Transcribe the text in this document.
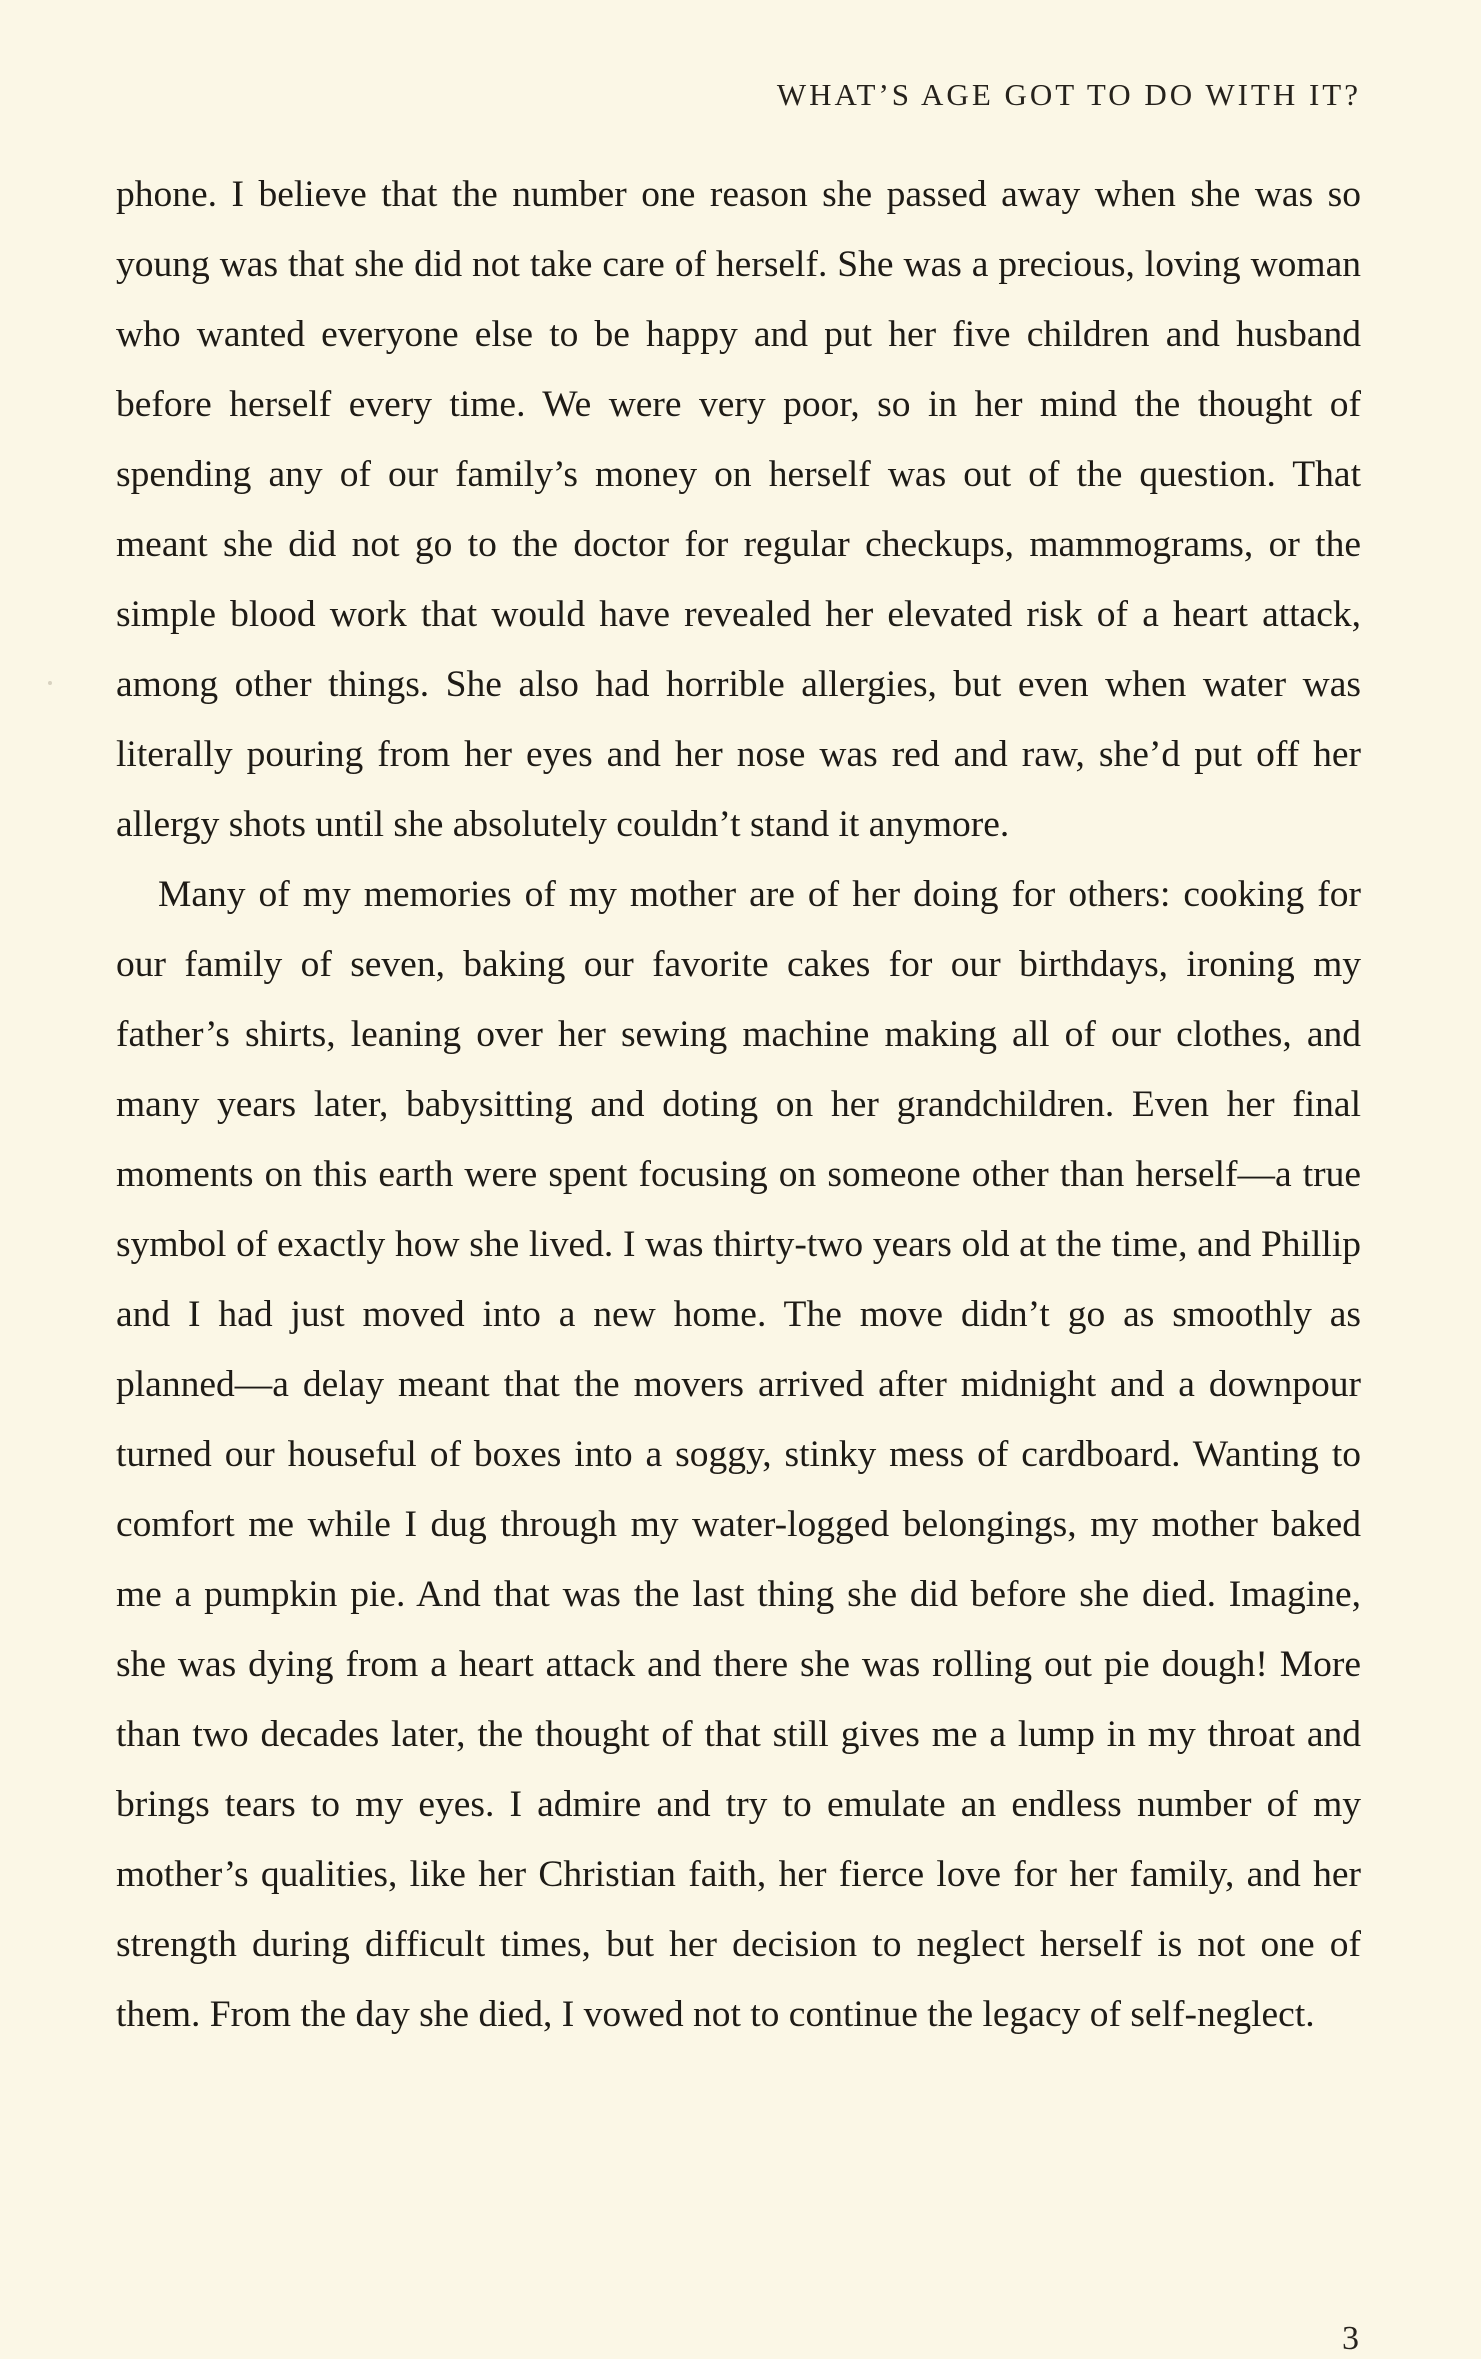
WHAT’S AGE GOT TO DO WITH IT?

phone. I believe that the number one reason she passed away when she was so young was that she did not take care of herself. She was a precious, loving woman who wanted everyone else to be happy and put her five children and husband before herself every time. We were very poor, so in her mind the thought of spending any of our family’s money on herself was out of the question. That meant she did not go to the doctor for regular checkups, mammograms, or the simple blood work that would have revealed her elevated risk of a heart attack, among other things. She also had horrible allergies, but even when water was literally pouring from her eyes and her nose was red and raw, she’d put off her allergy shots until she absolutely couldn’t stand it anymore.

Many of my memories of my mother are of her doing for others: cooking for our family of seven, baking our favorite cakes for our birthdays, ironing my father’s shirts, leaning over her sewing machine making all of our clothes, and many years later, babysitting and doting on her grandchildren. Even her final moments on this earth were spent focusing on someone other than herself—a true symbol of exactly how she lived. I was thirty-two years old at the time, and Phillip and I had just moved into a new home. The move didn’t go as smoothly as planned—a delay meant that the movers arrived after midnight and a downpour turned our houseful of boxes into a soggy, stinky mess of cardboard. Wanting to comfort me while I dug through my water-logged belongings, my mother baked me a pumpkin pie. And that was the last thing she did before she died. Imagine, she was dying from a heart attack and there she was rolling out pie dough! More than two decades later, the thought of that still gives me a lump in my throat and brings tears to my eyes. I admire and try to emulate an endless number of my mother’s qualities, like her Christian faith, her fierce love for her family, and her strength during difficult times, but her decision to neglect herself is not one of them. From the day she died, I vowed not to continue the legacy of self-neglect.

3
